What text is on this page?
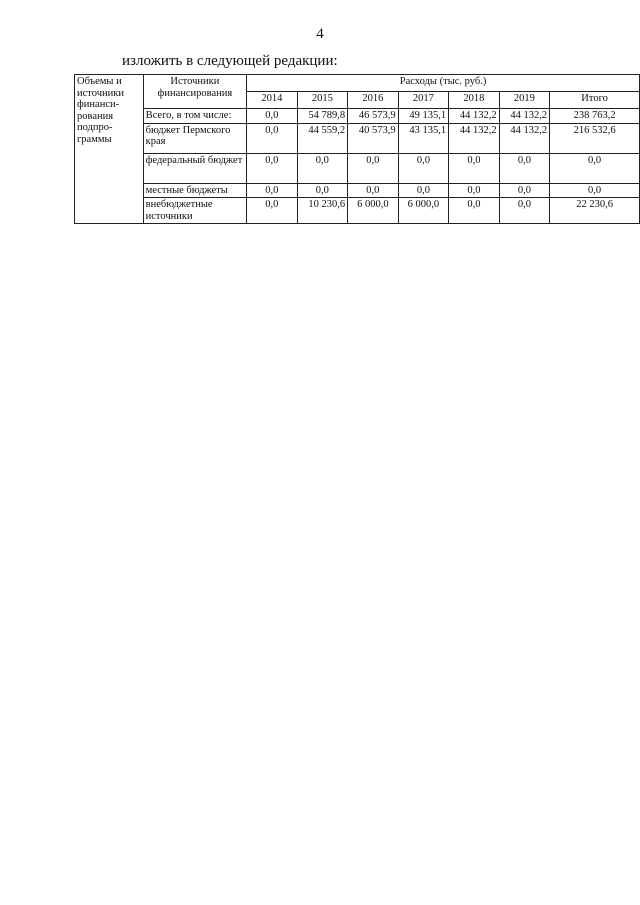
4
изложить в следующей редакции:
Объемы и источники финанси-рования подпро-граммы	Источники финансирования	Расходы (тыс. руб.)						
		2014	2015	2016	2017	2018	2019	Итого
	Всего, в том числе:	0,0	54 789,8	46 573,9	49 135,1	44 132,2	44 132,2	238 763,2
	бюджет Пермского края	0,0	44 559,2	40 573,9	43 135,1	44 132,2	44 132,2	216 532,6
	федеральный бюджет	0,0	0,0	0,0	0,0	0,0	0,0	0,0
	местные бюджеты	0,0	0,0	0,0	0,0	0,0	0,0	0,0
	внебюджетные источники	0,0	10 230,6	6 000,0	6 000,0	0,0	0,0	22 230,6
